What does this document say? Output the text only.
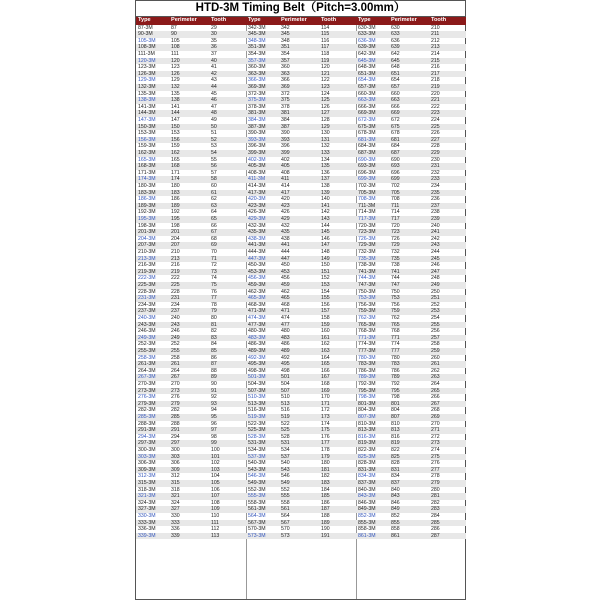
HTD-3M Timing Belt（Pitch=3.00mm）
Type	Perimeter	Tooth
87-3M	87	29
90-3M	90	30
105-3M	105	35
108-3M	108	36
111-3M	111	37
120-3M	120	40
123-3M	123	41
126-3M	126	42
129-3M	129	43
132-3M	132	44
135-3M	135	45
138-3M	138	46
141-3M	141	47
144-3M	144	48
147-3M	147	49
150-3M	150	50
153-3M	153	51
156-3M	156	52
159-3M	159	53
162-3M	162	54
165-3M	165	55
168-3M	168	56
171-3M	171	57
174-3M	174	58
180-3M	180	60
183-3M	183	61
186-3M	186	62
189-3M	189	63
192-3M	192	64
195-3M	195	65
198-3M	198	66
201-3M	201	67
204-3M	204	68
207-3M	207	69
210-3M	210	70
213-3M	213	71
216-3M	216	72
219-3M	219	73
222-3M	222	74
225-3M	225	75
228-3M	228	76
231-3M	231	77
234-3M	234	78
237-3M	237	79
240-3M	240	80
243-3M	243	81
246-3M	246	82
249-3M	249	83
252-3M	252	84
255-3M	255	85
258-3M	258	86
261-3M	261	87
264-3M	264	88
267-3M	267	89
270-3M	270	90
273-3M	273	91
276-3M	276	92
279-3M	279	93
282-3M	282	94
285-3M	285	95
288-3M	288	96
291-3M	291	97
294-3M	294	98
297-3M	297	99
300-3M	300	100
303-3M	303	101
306-3M	306	102
309-3M	309	103
312-3M	312	104
315-3M	315	105
318-3M	318	106
321-3M	321	107
324-3M	324	108
327-3M	327	109
330-3M	330	110
333-3M	333	111
336-3M	336	112
339-3M	339	113
Type	Perimeter	Tooth
342-3M	342	114
345-3M	345	115
348-3M	348	116
351-3M	351	117
354-3M	354	118
357-3M	357	119
360-3M	360	120
363-3M	363	121
366-3M	366	122
369-3M	369	123
372-3M	372	124
375-3M	375	125
378-3M	378	126
381-3M	381	127
384-3M	384	128
387-3M	387	129
390-3M	390	130
393-3M	393	131
396-3M	396	132
399-3M	399	133
402-3M	402	134
405-3M	405	135
408-3M	408	136
411-3M	411	137
414-3M	414	138
417-3M	417	139
420-3M	420	140
423-3M	423	141
426-3M	426	142
429-3M	429	143
432-3M	432	144
435-3M	435	145
438-3M	438	146
441-3M	441	147
444-3M	444	148
447-3M	447	149
450-3M	450	150
453-3M	453	151
456-3M	456	152
459-3M	459	153
462-3M	462	154
465-3M	465	155
468-3M	468	156
471-3M	471	157
474-3M	474	158
477-3M	477	159
480-3M	480	160
483-3M	483	161
486-3M	486	162
489-3M	489	163
492-3M	492	164
495-3M	495	165
498-3M	498	166
501-3M	501	167
504-3M	504	168
507-3M	507	169
510-3M	510	170
513-3M	513	171
516-3M	516	172
519-3M	519	173
522-3M	522	174
525-3M	525	175
528-3M	528	176
531-3M	531	177
534-3M	534	178
537-3M	537	179
540-3M	540	180
543-3M	543	181
546-3M	546	182
549-3M	549	183
552-3M	552	184
555-3M	555	185
558-3M	558	186
561-3M	561	187
564-3M	564	188
567-3M	567	189
570-3M	570	190
573-3M	573	191
Type	Perimeter	Tooth
630-3M	630	210
633-3M	633	211
636-3M	636	212
639-3M	639	213
642-3M	642	214
645-3M	645	215
648-3M	648	216
651-3M	651	217
654-3M	654	218
657-3M	657	219
660-3M	660	220
663-3M	663	221
666-3M	666	222
669-3M	669	223
672-3M	672	224
675-3M	675	225
678-3M	678	226
681-3M	681	227
684-3M	684	228
687-3M	687	229
690-3M	690	230
693-3M	693	231
696-3M	696	232
699-3M	699	233
702-3M	702	234
705-3M	705	235
708-3M	708	236
711-3M	711	237
714-3M	714	238
717-3M	717	239
720-3M	720	240
723-3M	723	241
726-3M	726	242
729-3M	729	243
732-3M	732	244
735-3M	735	245
738-3M	738	246
741-3M	741	247
744-3M	744	248
747-3M	747	249
750-3M	750	250
753-3M	753	251
756-3M	756	252
759-3M	759	253
762-3M	762	254
765-3M	765	255
768-3M	768	256
771-3M	771	257
774-3M	774	258
777-3M	777	259
780-3M	780	260
783-3M	783	261
786-3M	786	262
789-3M	789	263
792-3M	792	264
795-3M	795	265
798-3M	798	266
801-3M	801	267
804-3M	804	268
807-3M	807	269
810-3M	810	270
813-3M	813	271
816-3M	816	272
819-3M	819	273
822-3M	822	274
825-3M	825	275
828-3M	828	276
831-3M	831	277
834-3M	834	278
837-3M	837	279
840-3M	840	280
843-3M	843	281
846-3M	846	282
849-3M	849	283
852-3M	852	284
855-3M	855	285
858-3M	858	286
861-3M	861	287
